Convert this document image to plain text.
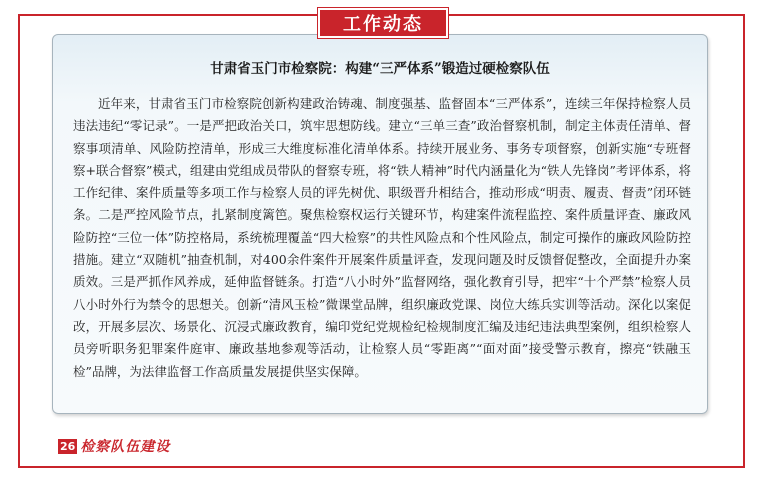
甘肃省玉门市检察院：构建“三严体系”锻造过硬检察队伍

近年来，甘肃省玉门市检察院创新构建政治铸魂、制度强基、监督固本“三严体系”，连续三年保持检察人员违法违纪“零记录”。一是严把政治关口，筑牢思想防线。建立“三单三查”政治督察机制，制定主体责任清单、督察事项清单、风险防控清单，形成三大维度标准化清单体系。持续开展业务、事务专项督察，创新实施“专班督察+联合督察”模式，组建由党组成员带队的督察专班，将“铁人精神”时代内涵量化为“铁人先锋岗”考评体系，将工作纪律、案件质量等多项工作与检察人员的评先树优、职级晋升相结合，推动形成“明责、履责、督责”闭环链条。二是严控风险节点，扎紧制度篱笆。聚焦检察权运行关键环节，构建案件流程监控、案件质量评查、廉政风险防控“三位一体”防控格局，系统梳理覆盖“四大检察”的共性风险点和个性风险点，制定可操作的廉政风险防控措施。建立“双随机”抽查机制，对400余件案件开展案件质量评查，发现问题及时反馈督促整改，全面提升办案质效。三是严抓作风养成，延伸监督链条。打造“八小时外”监督网络，强化教育引导，把牢“十个严禁”检察人员八小时外行为禁令的思想关。创新“清风玉检”微课堂品牌，组织廉政党课、岗位大练兵实训等活动。深化以案促改，开展多层次、场景化、沉浸式廉政教育，编印党纪党规检纪检规制度汇编及违纪违法典型案例，组织检察人员旁听职务犯罪案件庭审、廉政基地参观等活动，让检察人员“零距离”“面对面”接受警示教育，擦亮“铁融玉检”品牌，为法律监督工作高质量发展提供坚实保障。

工作动态
26 检察队伍建设
